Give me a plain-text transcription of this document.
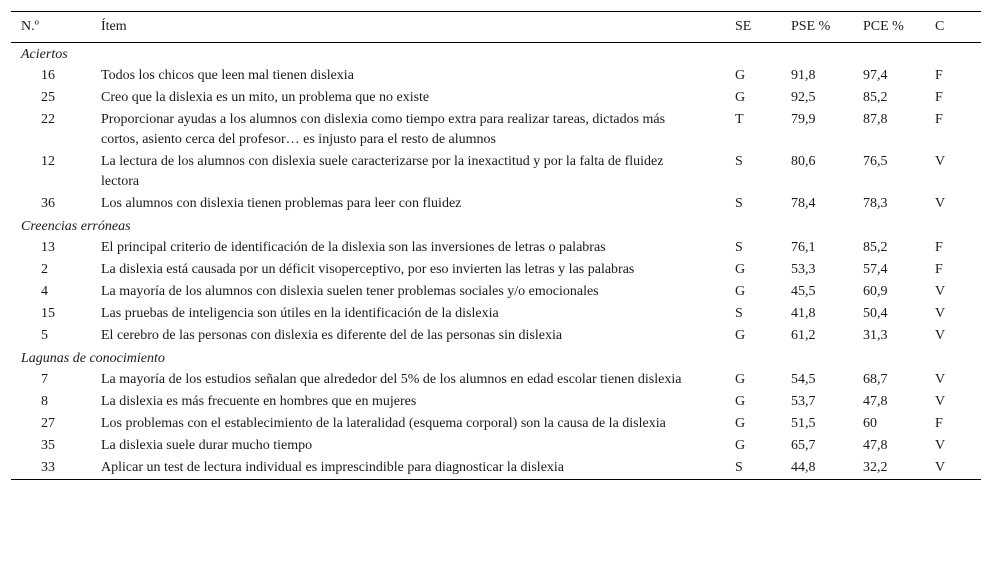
N.º	Ítem	SE	PSE %	PCE %	C
Aciertos					
16	Todos los chicos que leen mal tienen dislexia	G	91,8	97,4	F
25	Creo que la dislexia es un mito, un problema que no existe	G	92,5	85,2	F
22	Proporcionar ayudas a los alumnos con dislexia como tiempo extra para realizar tareas, dictados más cortos, asiento cerca del profesor… es injusto para el resto de alumnos	T	79,9	87,8	F
12	La lectura de los alumnos con dislexia suele caracterizarse por la inexactitud y por la falta de fluidez lectora	S	80,6	76,5	V
36	Los alumnos con dislexia tienen problemas para leer con fluidez	S	78,4	78,3	V
Creencias erróneas					
13	El principal criterio de identificación de la dislexia son las inversiones de letras o palabras	S	76,1	85,2	F
2	La dislexia está causada por un déficit visoperceptivo, por eso invierten las letras y las palabras	G	53,3	57,4	F
4	La mayoría de los alumnos con dislexia suelen tener problemas sociales y/o emocionales	G	45,5	60,9	V
15	Las pruebas de inteligencia son útiles en la identificación de la dislexia	S	41,8	50,4	V
5	El cerebro de las personas con dislexia es diferente del de las personas sin dislexia	G	61,2	31,3	V
Lagunas de conocimiento					
7	La mayoría de los estudios señalan que alrededor del 5% de los alumnos en edad escolar tienen dislexia	G	54,5	68,7	V
8	La dislexia es más frecuente en hombres que en mujeres	G	53,7	47,8	V
27	Los problemas con el establecimiento de la lateralidad (esquema corporal) son la causa de la dislexia	G	51,5	60	F
35	La dislexia suele durar mucho tiempo	G	65,7	47,8	V
33	Aplicar un test de lectura individual es imprescindible para diagnosticar la dislexia	S	44,8	32,2	V
